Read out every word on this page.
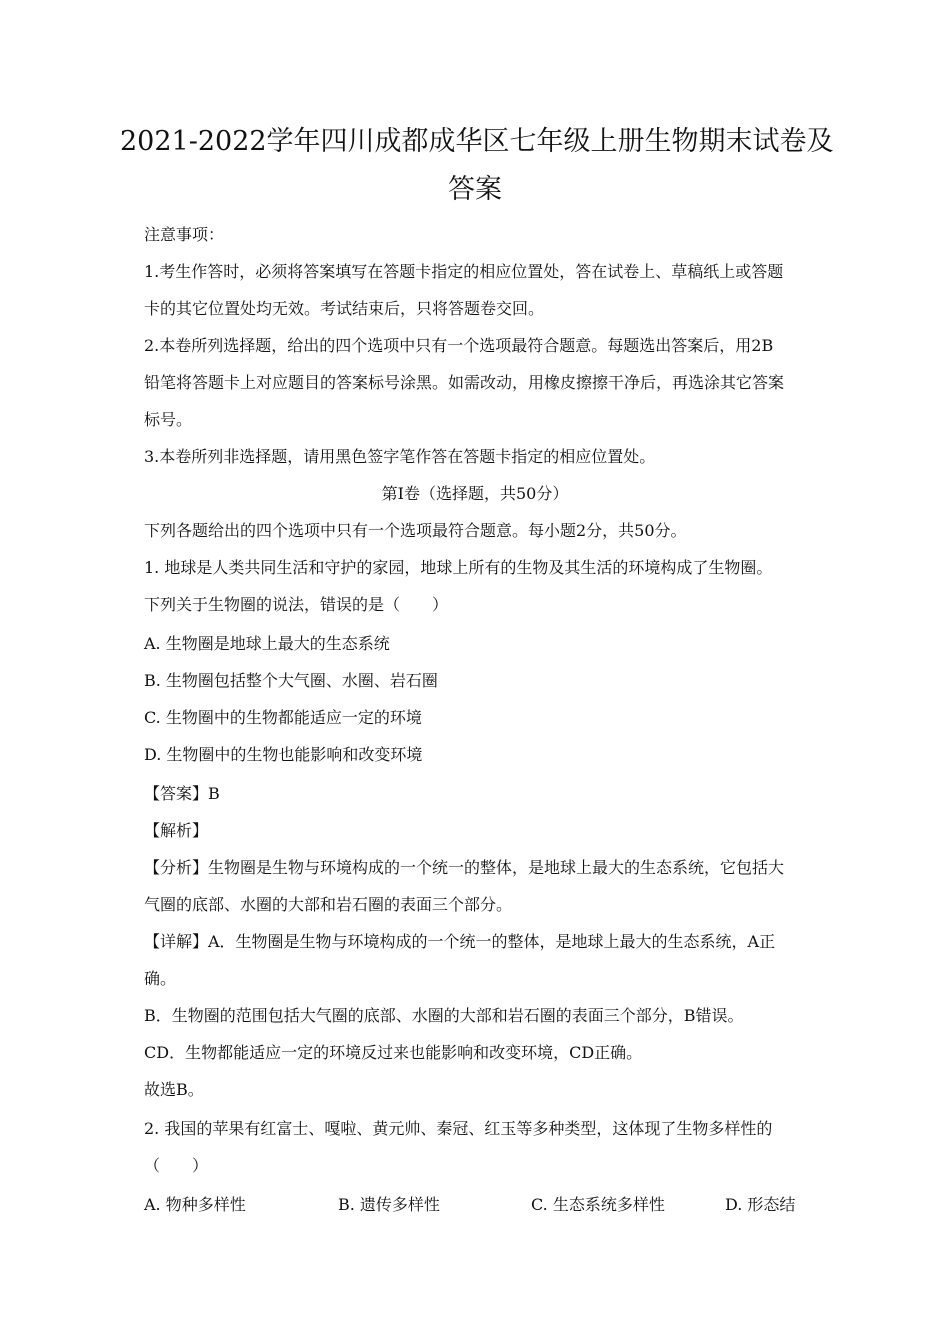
2021-2022学年四川成都成华区七年级上册生物期末试卷及
答案
注意事项：
1.考生作答时，必须将答案填写在答题卡指定的相应位置处，答在试卷上、草稿纸上或答题
卡的其它位置处均无效。考试结束后，只将答题卷交回。
2.本卷所列选择题，给出的四个选项中只有一个选项最符合题意。每题选出答案后，用2B
铅笔将答题卡上对应题目的答案标号涂黑。如需改动，用橡皮擦擦干净后，再选涂其它答案
标号。
3.本卷所列非选择题，请用黑色签字笔作答在答题卡指定的相应位置处。
第Ⅰ卷（选择题，共50分）
下列各题给出的四个选项中只有一个选项最符合题意。每小题2分，共50分。
1. 地球是人类共同生活和守护的家园，地球上所有的生物及其生活的环境构成了生物圈。
下列关于生物圈的说法，错误的是（　　）
A. 生物圈是地球上最大的生态系统
B. 生物圈包括整个大气圈、水圈、岩石圈
C. 生物圈中的生物都能适应一定的环境
D. 生物圈中的生物也能影响和改变环境
【答案】B
【解析】
【分析】生物圈是生物与环境构成的一个统一的整体，是地球上最大的生态系统，它包括大
气圈的底部、水圈的大部和岩石圈的表面三个部分。
【详解】A．生物圈是生物与环境构成的一个统一的整体，是地球上最大的生态系统，A正
确。
B．生物圈的范围包括大气圈的底部、水圈的大部和岩石圈的表面三个部分，B错误。
CD．生物都能适应一定的环境反过来也能影响和改变环境，CD正确。
故选B。
2. 我国的苹果有红富士、嘎啦、黄元帅、秦冠、红玉等多种类型，这体现了生物多样性的
（　　）
A. 物种多样性	B. 遗传多样性	C. 生态系统多样性	D. 形态结
